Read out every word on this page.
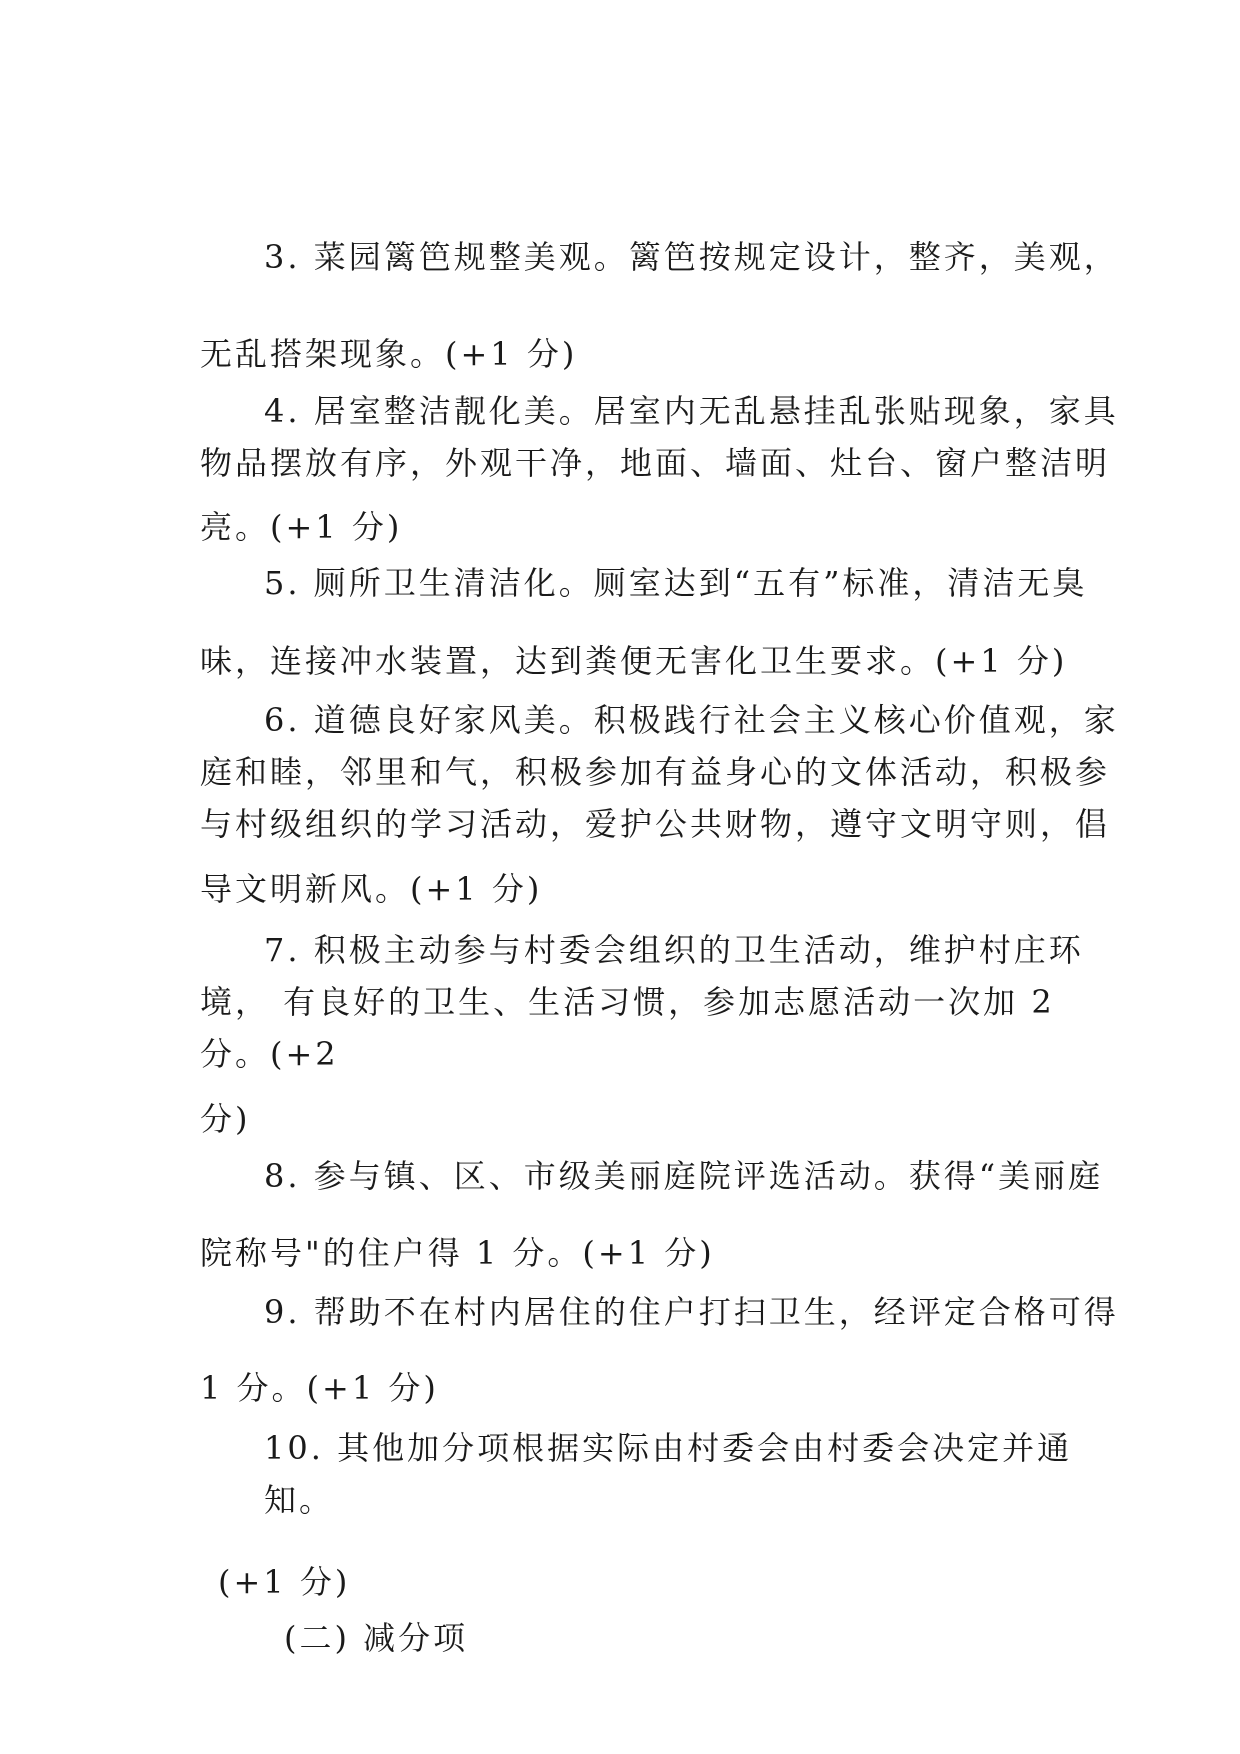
3. 菜园篱笆规整美观。篱笆按规定设计，整齐，美观，
无乱搭架现象。(+1 分)
4. 居室整洁靓化美。居室内无乱悬挂乱张贴现象，家具
物品摆放有序，外观干净，地面、墙面、灶台、窗户整洁明
亮。(+1 分)
5. 厕所卫生清洁化。厕室达到“五有”标准，清洁无臭
味，连接冲水装置，达到粪便无害化卫生要求。(+1 分)
6. 道德良好家风美。积极践行社会主义核心价值观，家
庭和睦，邻里和气，积极参加有益身心的文体活动，积极参
与村级组织的学习活动，爱护公共财物，遵守文明守则，倡
导文明新风。(+1 分)
7. 积极主动参与村委会组织的卫生活动，维护村庄环
境， 有良好的卫生、生活习惯，参加志愿活动一次加 2
分。(+2
分)
8. 参与镇、区、市级美丽庭院评选活动。获得“美丽庭
院称号"的住户得 1 分。(+1 分)
9. 帮助不在村内居住的住户打扫卫生，经评定合格可得
1 分。(+1 分)
10. 其他加分项根据实际由村委会由村委会决定并通
知。
(+1 分)
(二) 减分项
